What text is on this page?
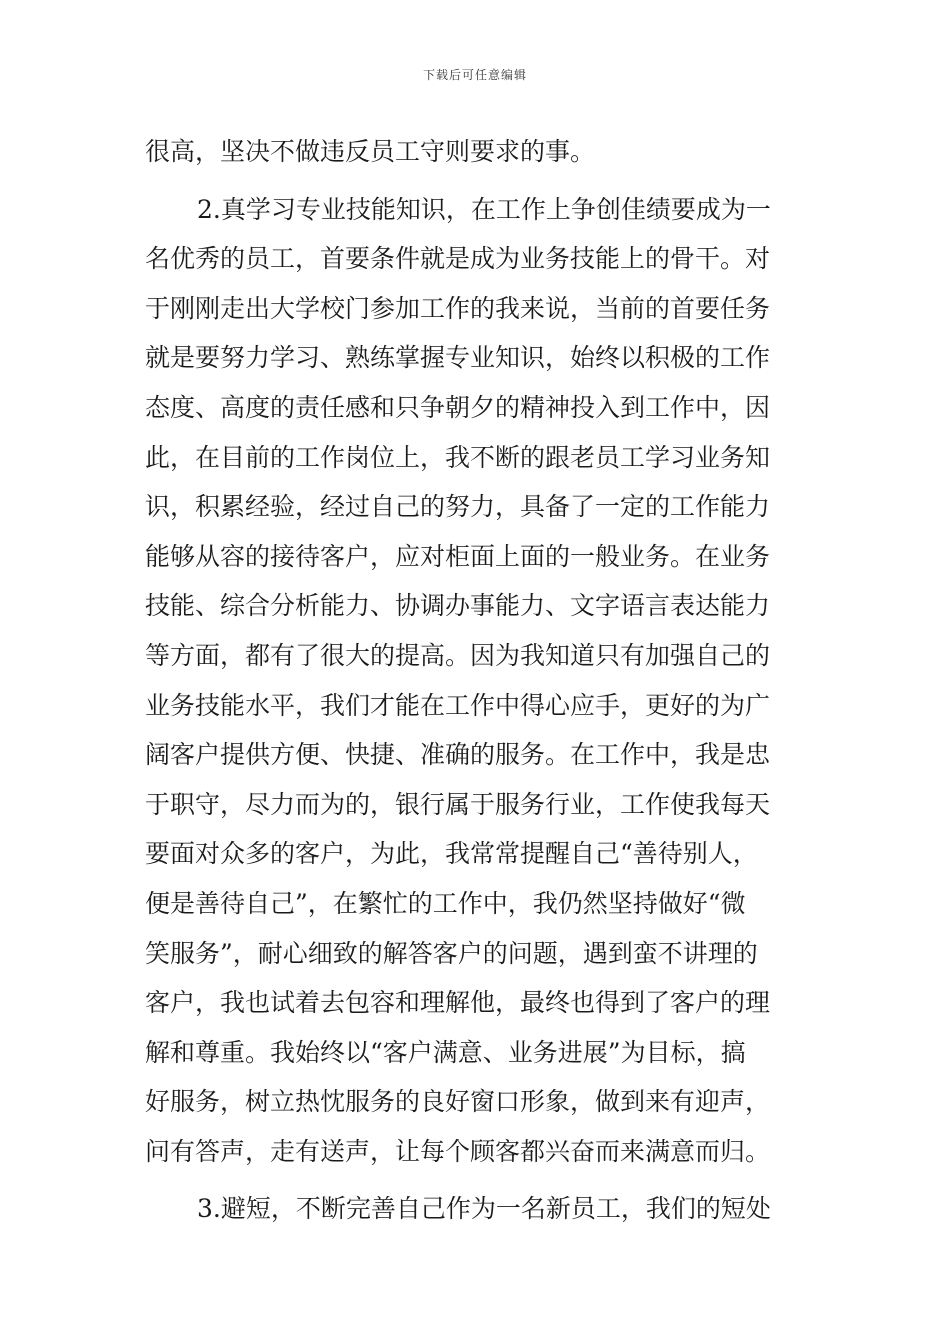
下载后可任意编辑
很高，坚决不做违反员工守则要求的事。
2.真学习专业技能知识，在工作上争创佳绩要成为一
名优秀的员工，首要条件就是成为业务技能上的骨干。对
于刚刚走出大学校门参加工作的我来说，当前的首要任务
就是要努力学习、熟练掌握专业知识，始终以积极的工作
态度、高度的责任感和只争朝夕的精神投入到工作中，因
此，在目前的工作岗位上，我不断的跟老员工学习业务知
识，积累经验，经过自己的努力，具备了一定的工作能力
能够从容的接待客户，应对柜面上面的一般业务。在业务
技能、综合分析能力、协调办事能力、文字语言表达能力
等方面，都有了很大的提高。因为我知道只有加强自己的
业务技能水平，我们才能在工作中得心应手，更好的为广
阔客户提供方便、快捷、准确的服务。在工作中，我是忠
于职守，尽力而为的，银行属于服务行业，工作使我每天
要面对众多的客户，为此，我常常提醒自己“善待别人，
便是善待自己”，在繁忙的工作中，我仍然坚持做好“微
笑服务”，耐心细致的解答客户的问题，遇到蛮不讲理的
客户，我也试着去包容和理解他，最终也得到了客户的理
解和尊重。我始终以“客户满意、业务进展”为目标，搞
好服务，树立热忱服务的良好窗口形象，做到来有迎声，
问有答声，走有送声，让每个顾客都兴奋而来满意而归。
3.避短，不断完善自己作为一名新员工，我们的短处
